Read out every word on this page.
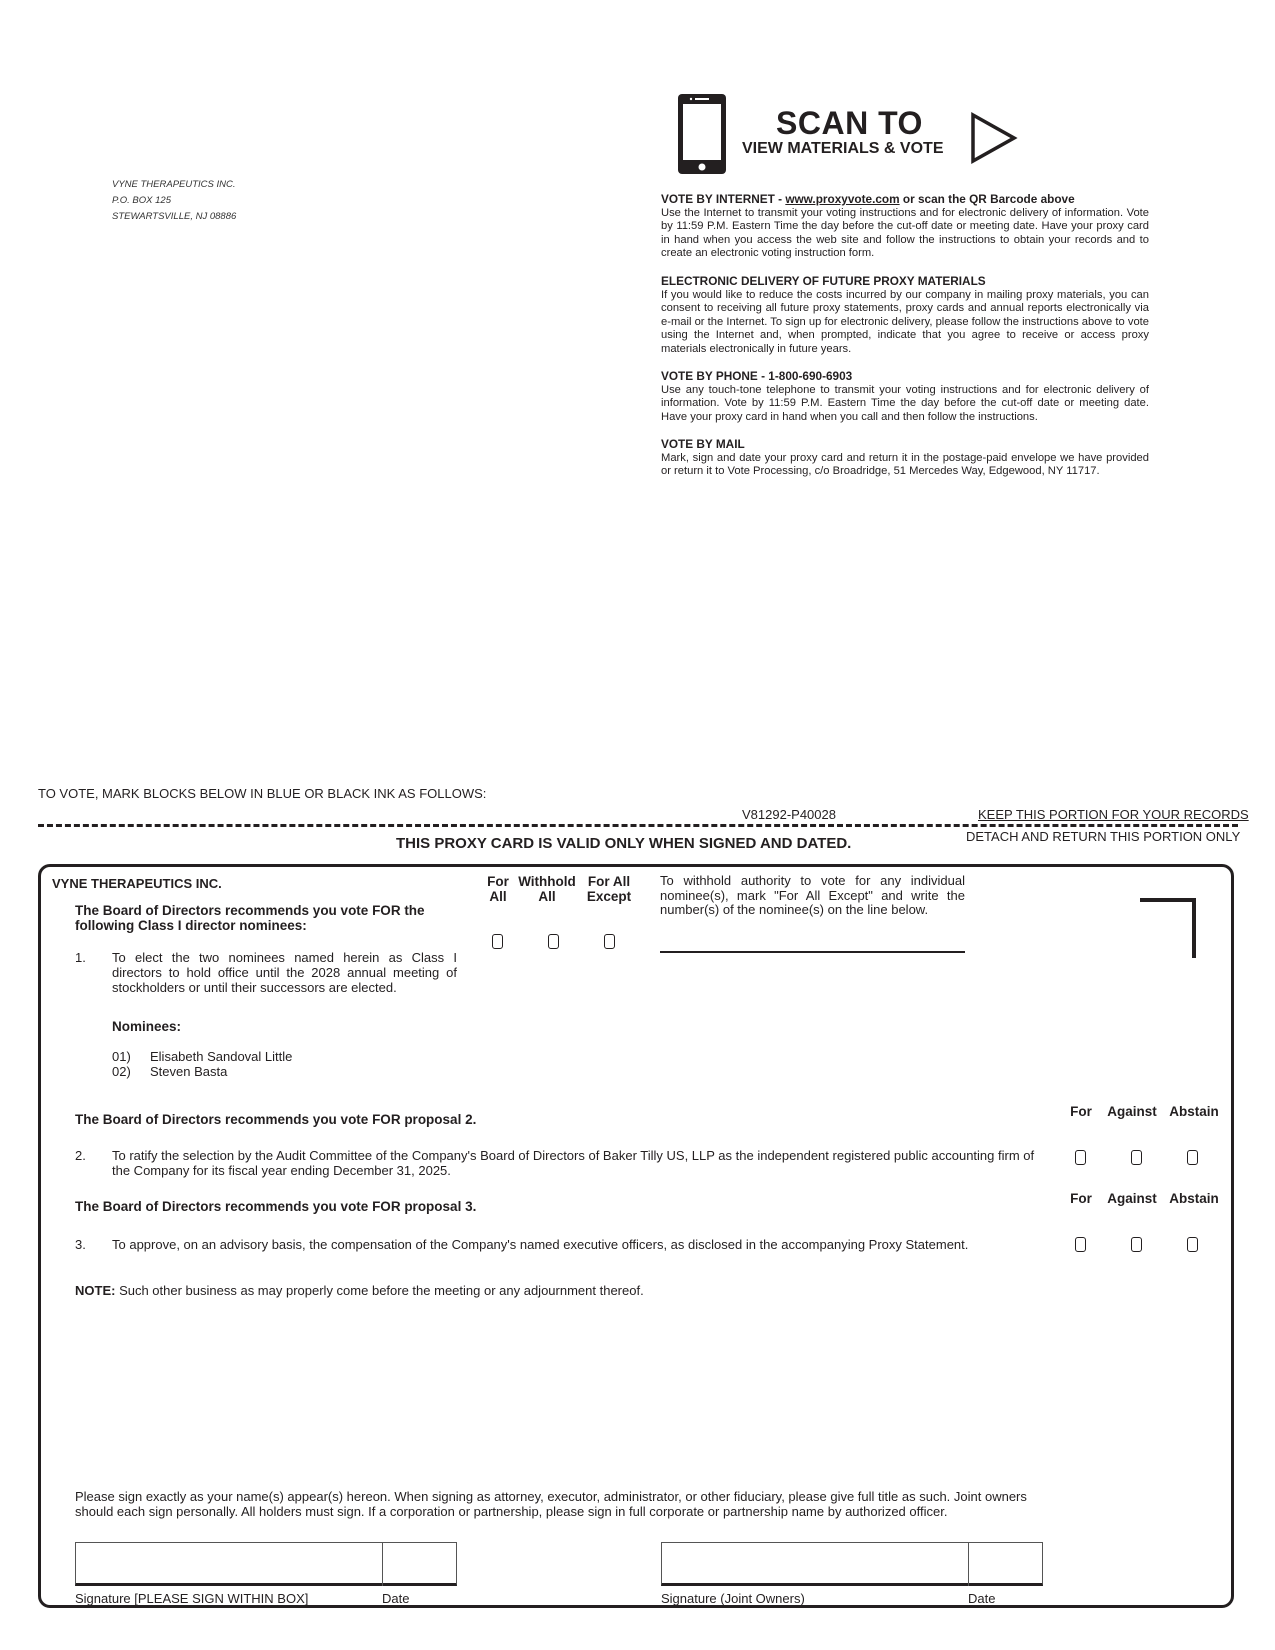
VYNE THERAPEUTICS INC.
P.O. BOX 125
STEWARTSVILLE, NJ 08886
SCAN TO
VIEW MATERIALS & VOTE
VOTE BY INTERNET - www.proxyvote.com or scan the QR Barcode above

Use the Internet to transmit your voting instructions and for electronic delivery of information. Vote by 11:59 P.M. Eastern Time the day before the cut-off date or meeting date. Have your proxy card in hand when you access the web site and follow the instructions to obtain your records and to create an electronic voting instruction form.

ELECTRONIC DELIVERY OF FUTURE PROXY MATERIALS

If you would like to reduce the costs incurred by our company in mailing proxy materials, you can consent to receiving all future proxy statements, proxy cards and annual reports electronically via e-mail or the Internet. To sign up for electronic delivery, please follow the instructions above to vote using the Internet and, when prompted, indicate that you agree to receive or access proxy materials electronically in future years.

VOTE BY PHONE - 1-800-690-6903

Use any touch-tone telephone to transmit your voting instructions and for electronic delivery of information. Vote by 11:59 P.M. Eastern Time the day before the cut-off date or meeting date. Have your proxy card in hand when you call and then follow the instructions.

VOTE BY MAIL

Mark, sign and date your proxy card and return it in the postage-paid envelope we have provided or return it to Vote Processing, c/o Broadridge, 51 Mercedes Way, Edgewood, NY 11717.

TO VOTE, MARK BLOCKS BELOW IN BLUE OR BLACK INK AS FOLLOWS:
V81292-P40028	KEEP THIS PORTION FOR YOUR RECORDS
THIS PROXY CARD IS VALID ONLY WHEN SIGNED AND DATED.	DETACH AND RETURN THIS PORTION ONLY
VYNE THERAPEUTICS INC.
The Board of Directors recommends you vote FOR the following Class I director nominees:
1. To elect the two nominees named herein as Class I directors to hold office until the 2028 annual meeting of stockholders or until their successors are elected.
For
All
Withhold
All
For All
Except
To withhold authority to vote for any individual nominee(s), mark "For All Except" and write the number(s) of the nominee(s) on the line below.
Nominees:
01) Elisabeth Sandoval Little
02) Steven Basta
The Board of Directors recommends you vote FOR proposal 2.
For	Against Abstain
2. To ratify the selection by the Audit Committee of the Company's Board of Directors of Baker Tilly US, LLP as the independent registered public accounting firm of the Company for its fiscal year ending December 31, 2025.
The Board of Directors recommends you vote FOR proposal 3.
For	Against Abstain
3. To approve, on an advisory basis, the compensation of the Company's named executive officers, as disclosed in the accompanying Proxy Statement.
NOTE: Such other business as may properly come before the meeting or any adjournment thereof.
Please sign exactly as your name(s) appear(s) hereon. When signing as attorney, executor, administrator, or other fiduciary, please give full title as such. Joint owners should each sign personally. All holders must sign. If a corporation or partnership, please sign in full corporate or partnership name by authorized officer.
Signature [PLEASE SIGN WITHIN BOX]	Date	Signature (Joint Owners)	Date
